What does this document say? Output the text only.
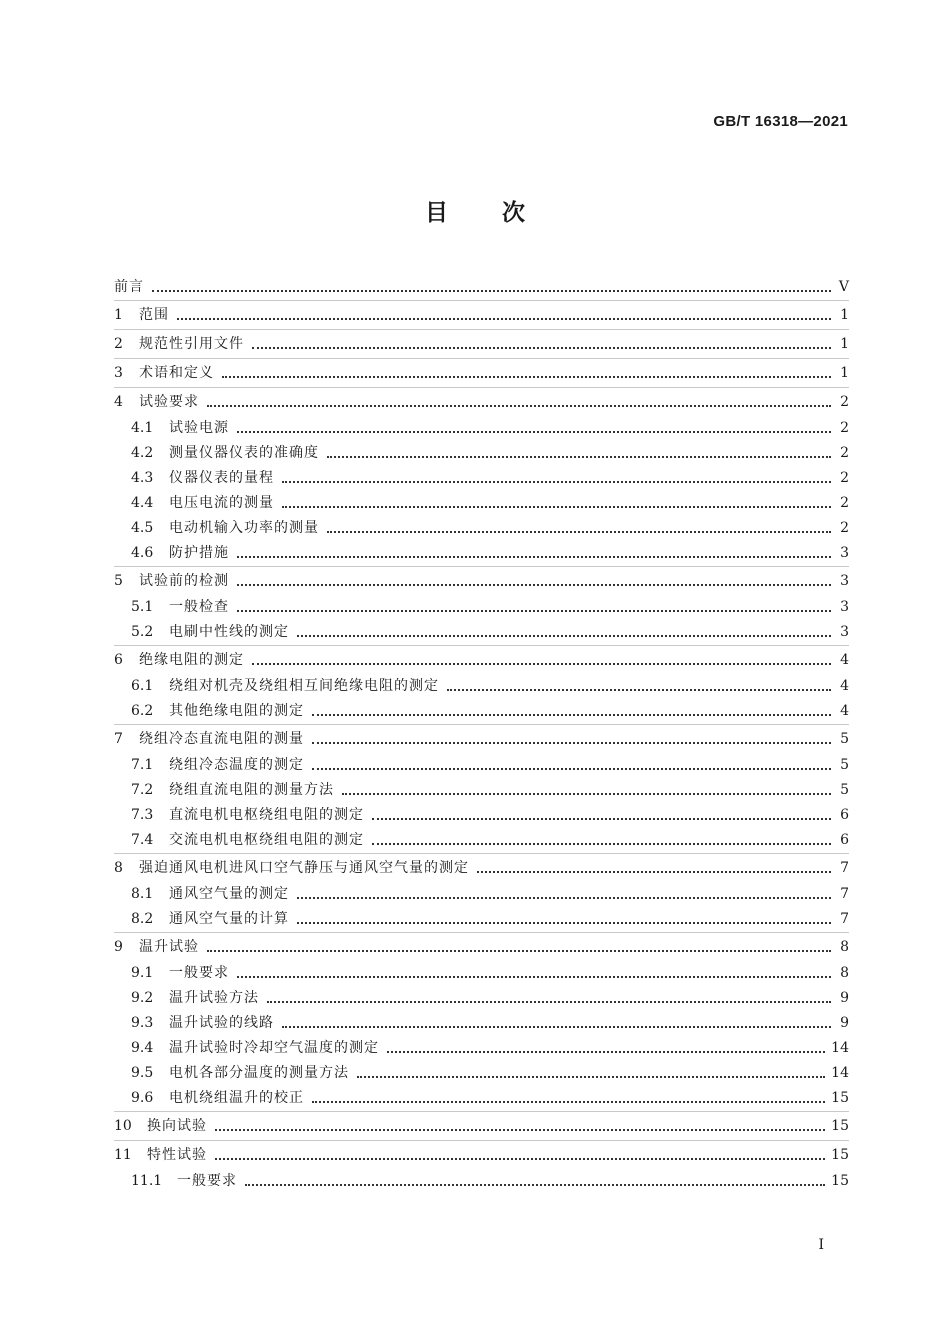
GB/T 16318—2021
目 次
前言	V
1	范围	1
2	规范性引用文件	1
3	术语和定义	1
4	试验要求	2
4.1	试验电源	2
4.2	测量仪器仪表的准确度	2
4.3	仪器仪表的量程	2
4.4	电压电流的测量	2
4.5	电动机输入功率的测量	2
4.6	防护措施	3
5	试验前的检测	3
5.1	一般检查	3
5.2	电刷中性线的测定	3
6	绝缘电阻的测定	4
6.1	绕组对机壳及绕组相互间绝缘电阻的测定	4
6.2	其他绝缘电阻的测定	4
7	绕组冷态直流电阻的测量	5
7.1	绕组冷态温度的测定	5
7.2	绕组直流电阻的测量方法	5
7.3	直流电机电枢绕组电阻的测定	6
7.4	交流电机电枢绕组电阻的测定	6
8	强迫通风电机进风口空气静压与通风空气量的测定	7
8.1	通风空气量的测定	7
8.2	通风空气量的计算	7
9	温升试验	8
9.1	一般要求	8
9.2	温升试验方法	9
9.3	温升试验的线路	9
9.4	温升试验时冷却空气温度的测定	14
9.5	电机各部分温度的测量方法	14
9.6	电机绕组温升的校正	15
10	换向试验	15
11	特性试验	15
11.1	一般要求	15
I
